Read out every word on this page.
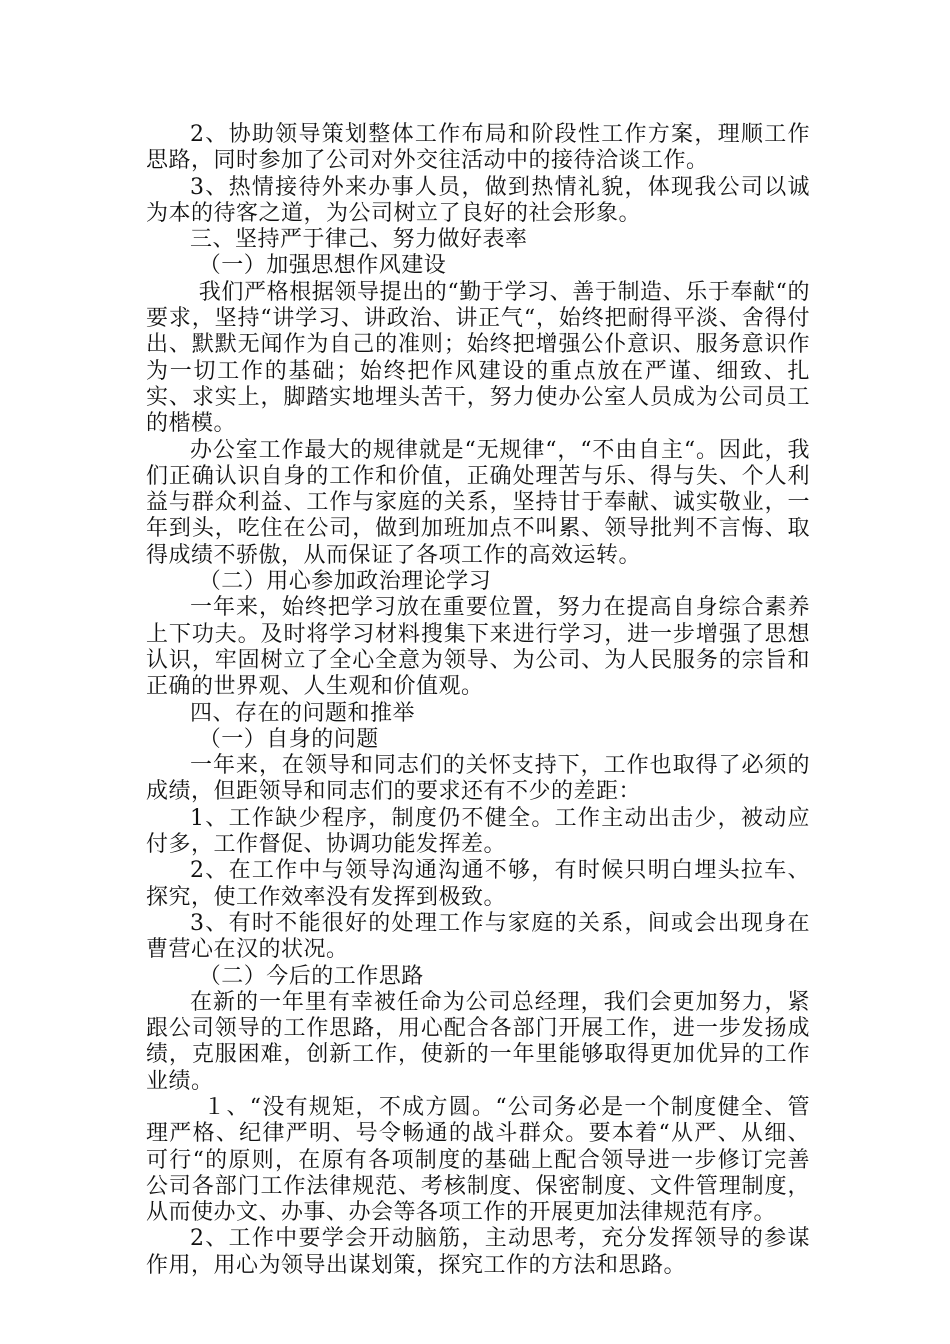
2、协助领导策划整体工作布局和阶段性工作方案，理顺工作思路，同时参加了公司对外交往活动中的接待洽谈工作。

3、热情接待外来办事人员，做到热情礼貌，体现我公司以诚为本的待客之道，为公司树立了良好的社会形象。

三、坚持严于律己、努力做好表率

（一）加强思想作风建设

我们严格根据领导提出的“勤于学习、善于制造、乐于奉献“的要求，坚持“讲学习、讲政治、讲正气“，始终把耐得平淡、舍得付出、默默无闻作为自己的准则；始终把增强公仆意识、服务意识作为一切工作的基础；始终把作风建设的重点放在严谨、细致、扎实、求实上，脚踏实地埋头苦干，努力使办公室人员成为公司员工的楷模。

办公室工作最大的规律就是“无规律“，“不由自主“。因此，我们正确认识自身的工作和价值，正确处理苦与乐、得与失、个人利益与群众利益、工作与家庭的关系，坚持甘于奉献、诚实敬业，一年到头，吃住在公司，做到加班加点不叫累、领导批判不言悔、取得成绩不骄傲，从而保证了各项工作的高效运转。

（二）用心参加政治理论学习

一年来，始终把学习放在重要位置，努力在提高自身综合素养上下功夫。及时将学习材料搜集下来进行学习，进一步增强了思想认识，牢固树立了全心全意为领导、为公司、为人民服务的宗旨和正确的世界观、人生观和价值观。

四、存在的问题和推举

（一）自身的问题

一年来，在领导和同志们的关怀支持下，工作也取得了必须的成绩，但距领导和同志们的要求还有不少的差距：

1、工作缺少程序，制度仍不健全。工作主动出击少，被动应付多，工作督促、协调功能发挥差。

2、在工作中与领导沟通沟通不够，有时候只明白埋头拉车、探究，使工作效率没有发挥到极致。

3、有时不能很好的处理工作与家庭的关系，间或会出现身在曹营心在汉的状况。

（二）今后的工作思路

在新的一年里有幸被任命为公司总经理，我们会更加努力，紧跟公司领导的工作思路，用心配合各部门开展工作，进一步发扬成绩，克服困难，创新工作，使新的一年里能够取得更加优异的工作业绩。

１、“没有规矩，不成方圆。“公司务必是一个制度健全、管理严格、纪律严明、号令畅通的战斗群众。要本着“从严、从细、可行“的原则，在原有各项制度的基础上配合领导进一步修订完善公司各部门工作法律规范、考核制度、保密制度、文件管理制度，从而使办文、办事、办会等各项工作的开展更加法律规范有序。

2、工作中要学会开动脑筋，主动思考，充分发挥领导的参谋作用，用心为领导出谋划策，探究工作的方法和思路。
